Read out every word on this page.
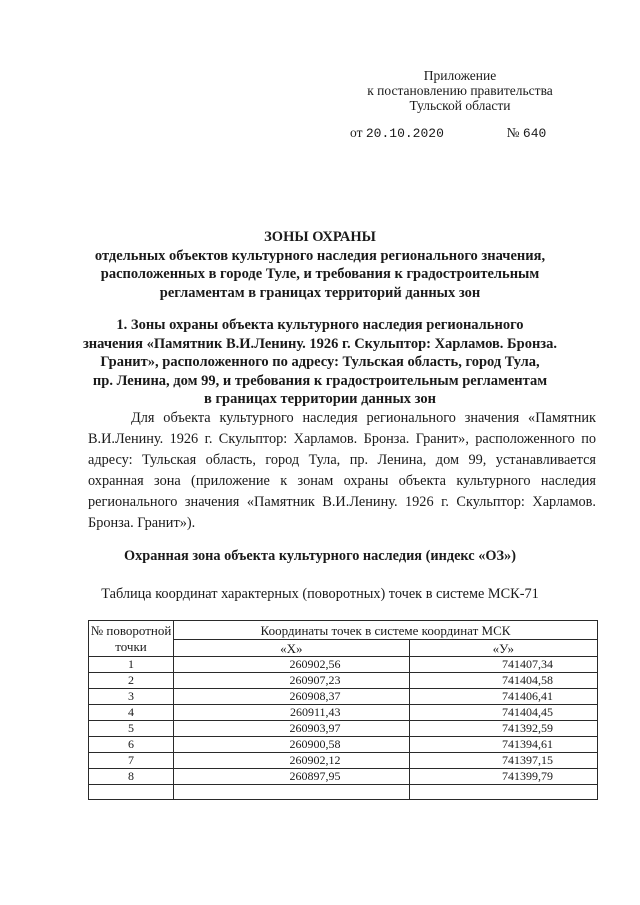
Приложение
к постановлению правительства
Тульской области
от 20.10.2020	№ 640
ЗОНЫ ОХРАНЫ
отдельных объектов культурного наследия регионального значения,
расположенных в городе Туле, и требования к градостроительным
регламентам в границах территорий данных зон
1. Зоны охраны объекта культурного наследия регионального
значения «Памятник В.И.Ленину. 1926 г. Скульптор: Харламов. Бронза.
Гранит», расположенного по адресу: Тульская область, город Тула,
пр. Ленина, дом 99, и требования к градостроительным регламентам
в границах территории данных зон
Для объекта культурного наследия регионального значения «Памятник В.И.Ленину. 1926 г. Скульптор: Харламов. Бронза. Гранит», расположенного по адресу: Тульская область, город Тула, пр. Ленина, дом 99, устанавливается охранная зона (приложение к зонам охраны объекта культурного наследия регионального значения «Памятник В.И.Ленину. 1926 г. Скульптор: Харламов. Бронза. Гранит»).
Охранная зона объекта культурного наследия (индекс «ОЗ»)
Таблица координат характерных (поворотных) точек в системе МСК-71
№ поворотной точки	Координаты точек в системе координат МСК	
	«Х»	«У»
1	260902,56	741407,34
2	260907,23	741404,58
3	260908,37	741406,41
4	260911,43	741404,45
5	260903,97	741392,59
6	260900,58	741394,61
7	260902,12	741397,15
8	260897,95	741399,79
